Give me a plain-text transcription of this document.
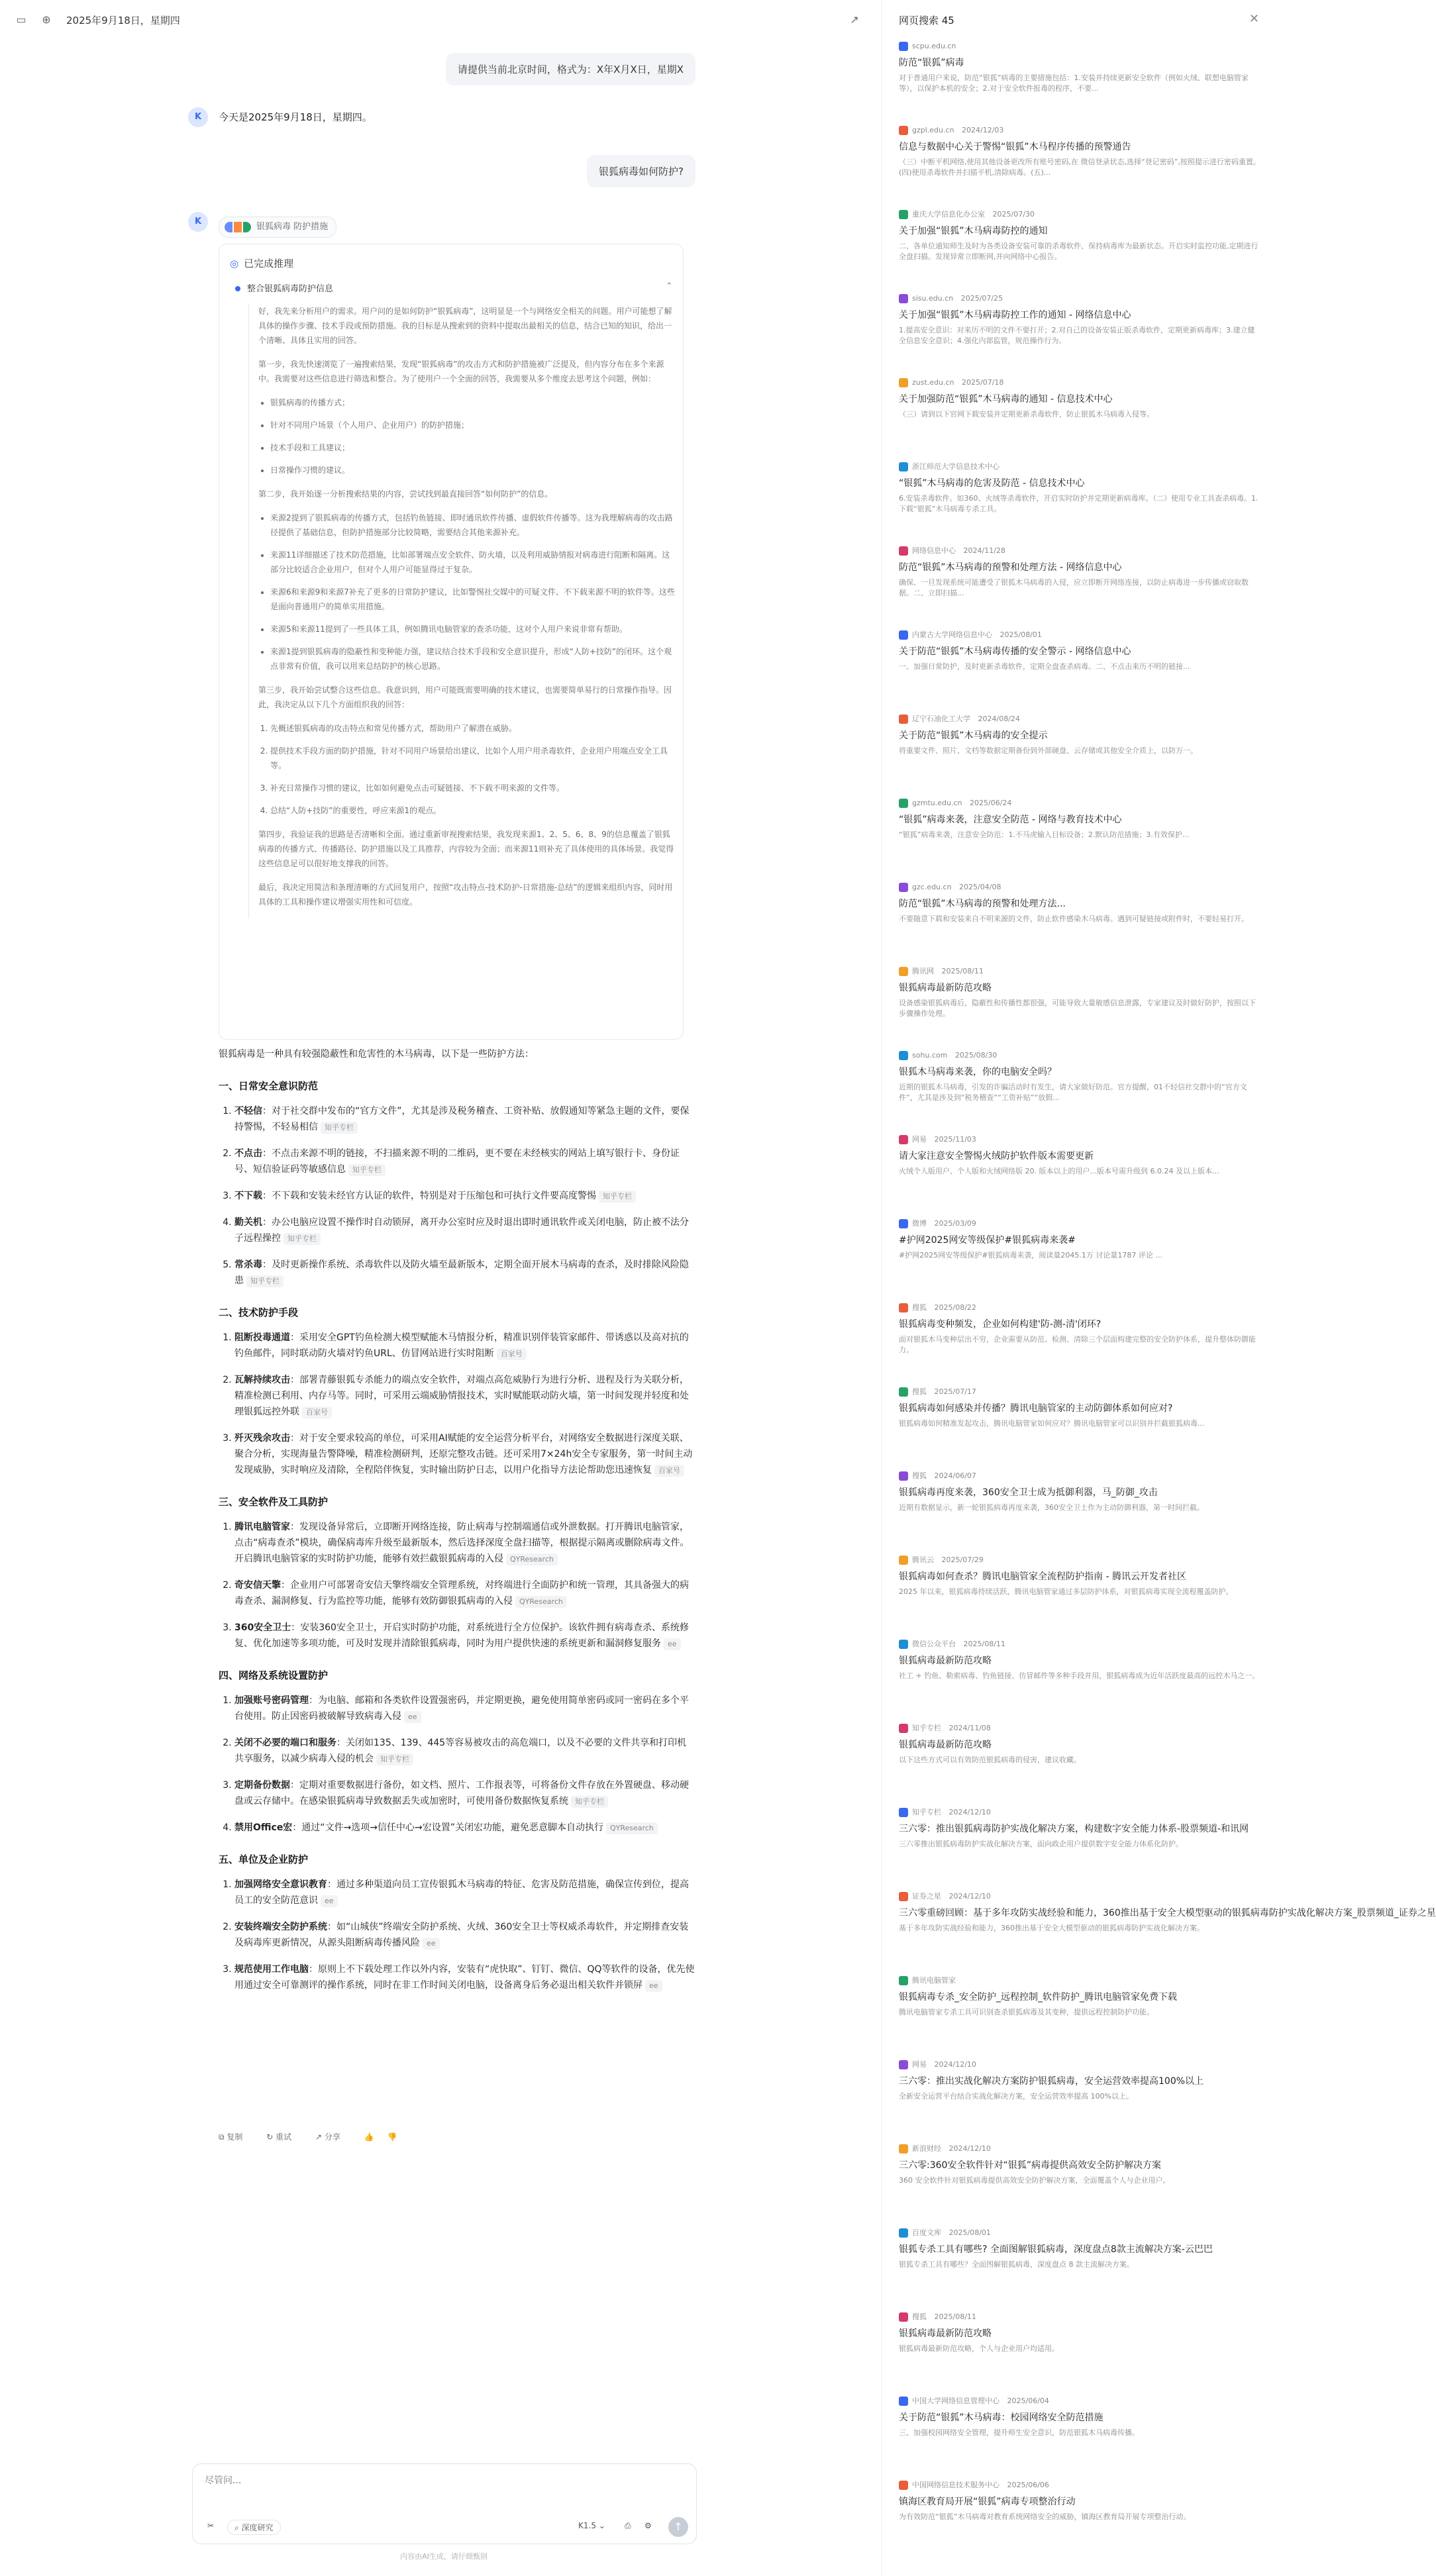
▭ ⊕ 2025年9月18日，星期四	↗
请提供当前北京时间，格式为：X年X月X日，星期X
K	今天是2025年9月18日，星期四。
银狐病毒如何防护?
K
银狐病毒 防护措施
◎ 已完成推理
整合银狐病毒防护信息	⌃

好，我先来分析用户的需求。用户问的是如何防护“银狐病毒”，这明显是一个与网络安全相关的问题。用户可能想了解具体的操作步骤、技术手段或预防措施。我的目标是从搜索到的资料中提取出最相关的信息，结合已知的知识，给出一个清晰、具体且实用的回答。

第一步，我先快速浏览了一遍搜索结果，发现“银狐病毒”的攻击方式和防护措施被广泛提及，但内容分布在多个来源中。我需要对这些信息进行筛选和整合。为了使用户一个全面的回答，我需要从多个维度去思考这个问题，例如：

• 银狐病毒的传播方式；
• 针对不同用户场景（个人用户、企业用户）的防护措施；
• 技术手段和工具建议；
• 日常操作习惯的建议。

第二步，我开始逐一分析搜索结果的内容，尝试找到最直接回答“如何防护”的信息。

• 来源2提到了银狐病毒的传播方式，包括钓鱼链接、即时通讯软件传播、虚假软件传播等。这为我理解病毒的攻击路径提供了基础信息，但防护措施部分比较简略，需要结合其他来源补充。
• 来源11详细描述了技术防范措施，比如部署端点安全软件、防火墙，以及利用威胁情报对病毒进行阻断和隔离。这部分比较适合企业用户，但对个人用户可能显得过于复杂。
• 来源6和来源9和来源7补充了更多的日常防护建议，比如警惕社交媒中的可疑文件、不下载来源不明的软件等。这些是面向普通用户的简单实用措施。
• 来源5和来源11提到了一些具体工具，例如腾讯电脑管家的查杀功能，这对个人用户来说非常有帮助。
• 来源1提到银狐病毒的隐蔽性和变种能力强，建议结合技术手段和安全意识提升，形成“人防+技防”的闭环。这个观点非常有价值，我可以用来总结防护的核心思路。

第三步，我开始尝试整合这些信息。我意识到，用户可能既需要明确的技术建议，也需要简单易行的日常操作指导。因此，我决定从以下几个方面组织我的回答：

1. 先概述银狐病毒的攻击特点和常见传播方式，帮助用户了解潜在威胁。
2. 提供技术手段方面的防护措施，针对不同用户场景给出建议，比如个人用户用杀毒软件，企业用户用端点安全工具等。
3. 补充日常操作习惯的建议，比如如何避免点击可疑链接、不下载不明来源的文件等。
4. 总结“人防+技防”的重要性，呼应来源1的观点。

第四步，我验证我的思路是否清晰和全面。通过重新审视搜索结果，我发现来源1、2、5、6、8、9的信息覆盖了银狐病毒的传播方式、传播路径、防护措施以及工具推荐，内容较为全面；而来源11则补充了具体使用的具体场景。我觉得这些信息足可以很好地支撑我的回答。

最后，我决定用简洁和条理清晰的方式回复用户，按照“攻击特点-技术防护-日常措施-总结”的逻辑来组织内容，同时用具体的工具和操作建议增强实用性和可信度。

银狐病毒是一种具有较强隐蔽性和危害性的木马病毒，以下是一些防护方法：

一、日常安全意识防范
1. 不轻信：对于社交群中发布的“官方文件”，尤其是涉及税务稽查、工资补贴、放假通知等紧急主题的文件，要保持警惕，不轻易相信 知乎专栏
2. 不点击：不点击来源不明的链接，不扫描来源不明的二维码，更不要在未经核实的网站上填写银行卡、身份证号、短信验证码等敏感信息 知乎专栏
3. 不下载：不下载和安装未经官方认证的软件，特别是对于压缩包和可执行文件要高度警惕 知乎专栏
4. 勤关机：办公电脑应设置不操作时自动锁屏，离开办公室时应及时退出即时通讯软件或关闭电脑，防止被不法分子远程操控 知乎专栏
5. 常杀毒：及时更新操作系统、杀毒软件以及防火墙至最新版本，定期全面开展木马病毒的查杀，及时排除风险隐患 知乎专栏
二、技术防护手段
1. 阻断投毒通道：采用安全GPT钓鱼检测大模型赋能木马情报分析，精准识别伴装管家邮件、带诱惑以及高对抗的钓鱼邮件，同时联动防火墙对钓鱼URL、仿冒网站进行实时阻断 百家号
2. 瓦解持续攻击：部署青藤银狐专杀能力的端点安全软件，对端点高危威胁行为进行分析、进程及行为关联分析，精准检测已利用、内存马等。同时，可采用云端威胁情报技术，实时赋能联动防火墙，第一时间发现并轻度和处理银狐远控外联 百家号
3. 歼灭残余攻击：对于安全要求较高的单位，可采用AI赋能的安全运营分析平台，对网络安全数据进行深度关联、聚合分析，实现海量告警降噪，精准检测研判，还原完整攻击链。还可采用7×24h安全专家服务，第一时间主动发现威胁，实时响应及清除，全程陪伴恢复，实时输出防护日志，以用户化指导方法论帮助您迅速恢复 百家号
三、安全软件及工具防护
1. 腾讯电脑管家：发现设备异常后，立即断开网络连接，防止病毒与控制端通信或外泄数据。打开腾讯电脑管家，点击“病毒查杀”模块，确保病毒库升级至最新版本，然后选择深度全盘扫描等，根据提示隔离或删除病毒文件。开启腾讯电脑管家的实时防护功能，能够有效拦截银狐病毒的入侵 QYResearch
2. 奇安信天擎：企业用户可部署奇安信天擎终端安全管理系统，对终端进行全面防护和统一管理，其具备强大的病毒查杀、漏洞修复、行为监控等功能，能够有效防御银狐病毒的入侵 QYResearch
3. 360安全卫士：安装360安全卫士，开启实时防护功能，对系统进行全方位保护。该软件拥有病毒查杀、系统修复、优化加速等多项功能，可及时发现并清除银狐病毒，同时为用户提供快速的系统更新和漏洞修复服务 ee
四、网络及系统设置防护
1. 加强账号密码管理：为电脑、邮箱和各类软件设置强密码，并定期更换，避免使用简单密码或同一密码在多个平台使用。防止因密码被破解导致病毒入侵 ee
2. 关闭不必要的端口和服务：关闭如135、139、445等容易被攻击的高危端口，以及不必要的文件共享和打印机共享服务，以减少病毒入侵的机会 知乎专栏
3. 定期备份数据：定期对重要数据进行备份，如文档、照片、工作报表等，可将备份文件存放在外置硬盘、移动硬盘或云存储中。在感染银狐病毒导致数据丢失或加密时，可使用备份数据恢复系统 知乎专栏
4. 禁用Office宏：通过“文件→选项→信任中心→宏设置”关闭宏功能，避免恶意脚本自动执行 QYResearch
五、单位及企业防护
1. 加强网络安全意识教育：通过多种渠道向员工宣传银狐木马病毒的特征、危害及防范措施，确保宣传到位，提高员工的安全防范意识 ee
2. 安装终端安全防护系统：如“山城侠”终端安全防护系统、火绒、360安全卫士等权威杀毒软件，并定期排查安装及病毒库更新情况，从源头阻断病毒传播风险 ee
3. 规范使用工作电脑：原则上不下载处理工作以外内容，安装有“虎快取”、钉钉、微信、QQ等软件的设备，优先使用通过安全可靠测评的操作系统，同时在非工作时间关闭电脑，设备离身后务必退出相关软件并锁屏 ee
⧉ 复制	↻ 重试	↗ 分享	👍 👎
尽管问...
✂	⌕ 深度研究	K1.5 ⌄	⎙	⚙	↑
内容由AI生成，请仔细甄别
网页搜索 45	✕
scpu.edu.cn
防范“银狐”病毒
对于普通用户来说，防范“银狐”病毒的主要措施包括：1.安装并持续更新安全软件（例如火绒、联想电脑管家等），以保护本机的安全；2.对于安全软件报毒的程序，不要...
gzpl.edu.cn 2024/12/03
信息与数据中心关于警惕“银狐”木马程序传播的预警通告
（三）中断平机网络,使用其他设备更改所有账号密码,在 微信登录状态,选择“登记密码”,按照提示进行密码重置。(四)使用杀毒软件并扫描平机,清除病毒。(五)...
重庆大学信息化办公室 2025/07/30
关于加强“银狐”木马病毒防控的通知
二、各单位通知师生及时为各类设备安装可靠的杀毒软件、保持病毒库为最新状态。开启实时监控功能,定期进行全盘扫描。发现异常立即断网,并向网络中心报告。
sisu.edu.cn 2025/07/25
关于加强“银狐”木马病毒防控工作的通知 - 网络信息中心
1.提高安全意识：对来历不明的文件不要打开；2.对自己的设备安装正版杀毒软件，定期更新病毒库；3.建立健全信息安全意识；4.强化内部监管，规范操作行为。
zust.edu.cn 2025/07/18
关于加强防范“银狐”木马病毒的通知 - 信息技术中心
（三）请到以下官网下载安装并定期更新杀毒软件，防止银狐木马病毒入侵等。
浙江师范大学信息技术中心
“银狐”木马病毒的危害及防范 - 信息技术中心
6.安装杀毒软件。如360、火绒等杀毒软件，开启实时防护并定期更新病毒库。（二）使用专业工具查杀病毒。1.下载“银狐”木马病毒专杀工具。
网络信息中心 2024/11/28
防范“银狐”木马病毒的预警和处理方法 - 网络信息中心
确保、一旦发现系统可能遭受了银狐木马病毒的入侵，应立即断开网络连接，以防止病毒进一步传播或窃取数据。二、立即扫描...
内蒙古大学网络信息中心 2025/08/01
关于防范“银狐”木马病毒传播的安全警示 - 网络信息中心
一、加强日常防护，及时更新杀毒软件，定期全盘查杀病毒。二、不点击来历不明的链接...
辽宁石油化工大学 2024/08/24
关于防范“银狐”木马病毒的安全提示
将重要文件、照片、文档等数据定期备份到外部硬盘、云存储或其他安全介质上，以防万一。
gzmtu.edu.cn 2025/06/24
“银狐”病毒来袭，注意安全防范 - 网络与教育技术中心
“银狐”病毒来袭，注意安全防范：1.不马虎输入目标设备；2.默认防范措施；3.有效保护...
gzc.edu.cn 2025/04/08
防范“银狐”木马病毒的预警和处理方法...
不要随意下载和安装来自不明来源的文件，防止软件感染木马病毒。遇到可疑链接或附件时，不要轻易打开。
腾讯网 2025/08/11
银狐病毒最新防范攻略
设备感染银狐病毒后，隐蔽性和传播性都很强，可能导致大量敏感信息泄露，专家建议及时做好防护，按照以下步骤操作处理。
sohu.com 2025/08/30
银狐木马病毒来袭，你的电脑安全吗？
近期的银狐木马病毒，引发的诈骗活动时有发生，请大家做好防范。官方提醒，01不轻信社交群中的“官方文件”，尤其是涉及到“税务稽查”“工资补贴”“放假...
网易 2025/11/03
请大家注意安全警惕火绒防护软件版本需要更新
火绒个人版用户、个人版和火绒网络版 20. 版本以上的用户...版本号需升级到 6.0.24 及以上版本...
微博 2025/03/09
#护网2025网安等级保护#银狐病毒来袭#
#护网2025网安等级保护#银狐病毒来袭，阅读量2045.1万 讨论量1787 评论 ...
搜狐 2025/08/22
银狐病毒变种频发，企业如何构建'防-测-清'闭环?
面对银狐木马变种层出不穷，企业需要从防范、检测、清除三个层面构建完整的安全防护体系，提升整体防御能力。
搜狐 2025/07/17
银狐病毒如何感染并传播？腾讯电脑管家的主动防御体系如何应对?
银狐病毒如何精准发起攻击，腾讯电脑管家如何应对？腾讯电脑管家可以识别并拦截银狐病毒...
搜狐 2024/06/07
银狐病毒再度来袭，360安全卫士成为抵御利器，马_防御_攻击
近期有数据显示，新一轮银狐病毒再度来袭，360安全卫士作为主动防御利器，第一时间拦截。
腾讯云 2025/07/29
银狐病毒如何查杀？腾讯电脑管家全流程防护指南 - 腾讯云开发者社区
2025 年以来，银狐病毒持续活跃，腾讯电脑管家通过多层防护体系，对银狐病毒实现全流程覆盖防护。
微信公众平台 2025/08/11
银狐病毒最新防范攻略
社工 + 钓鱼、勒索病毒、钓鱼链接、仿冒邮件等多种手段并用，银狐病毒成为近年活跃度最高的远控木马之一。
知乎专栏 2024/11/08
银狐病毒最新防范攻略
以下这些方式可以有效防范银狐病毒的侵害，建议收藏。
知乎专栏 2024/12/10
三六零：推出银狐病毒防护实战化解决方案，构建数字安全能力体系-股票频道-和讯网
三六零推出银狐病毒防护实战化解决方案，面向政企用户提供数字安全能力体系化防护。
证券之星 2024/12/10
三六零重磅回顾：基于多年攻防实战经验和能力，360推出基于安全大模型驱动的银狐病毒防护实战化解决方案_股票频道_证券之星
基于多年攻防实战经验和能力，360推出基于安全大模型驱动的银狐病毒防护实战化解决方案。
腾讯电脑管家
银狐病毒专杀_安全防护_远程控制_软件防护_腾讯电脑管家免费下载
腾讯电脑管家专杀工具可识别查杀银狐病毒及其变种，提供远程控制防护功能。
网易 2024/12/10
三六零：推出实战化解决方案防护银狐病毒，安全运营效率提高100%以上
全新安全运营平台结合实战化解决方案，安全运营效率提高 100%以上。
新浪财经 2024/12/10
三六零:360安全软件针对“银狐”病毒提供高效安全防护解决方案
360 安全软件针对银狐病毒提供高效安全防护解决方案，全面覆盖个人与企业用户。
百度文库 2025/08/01
银狐专杀工具有哪些? 全面图解银狐病毒，深度盘点8款主流解决方案-云巴巴
银狐专杀工具有哪些？全面图解银狐病毒，深度盘点 8 款主流解决方案。
搜狐 2025/08/11
银狐病毒最新防范攻略
银狐病毒最新防范攻略，个人与企业用户均适用。
中国大学网络信息管理中心 2025/06/04
关于防范“银狐”木马病毒：校园网络安全防范措施
三、加强校园网络安全管理，提升师生安全意识，防范银狐木马病毒传播。
中国网络信息技术服务中心 2025/06/06
镇海区教育局开展“银狐”病毒专项整治行动
为有效防范“银狐”木马病毒对教育系统网络安全的威胁，镇海区教育局开展专项整治行动。
